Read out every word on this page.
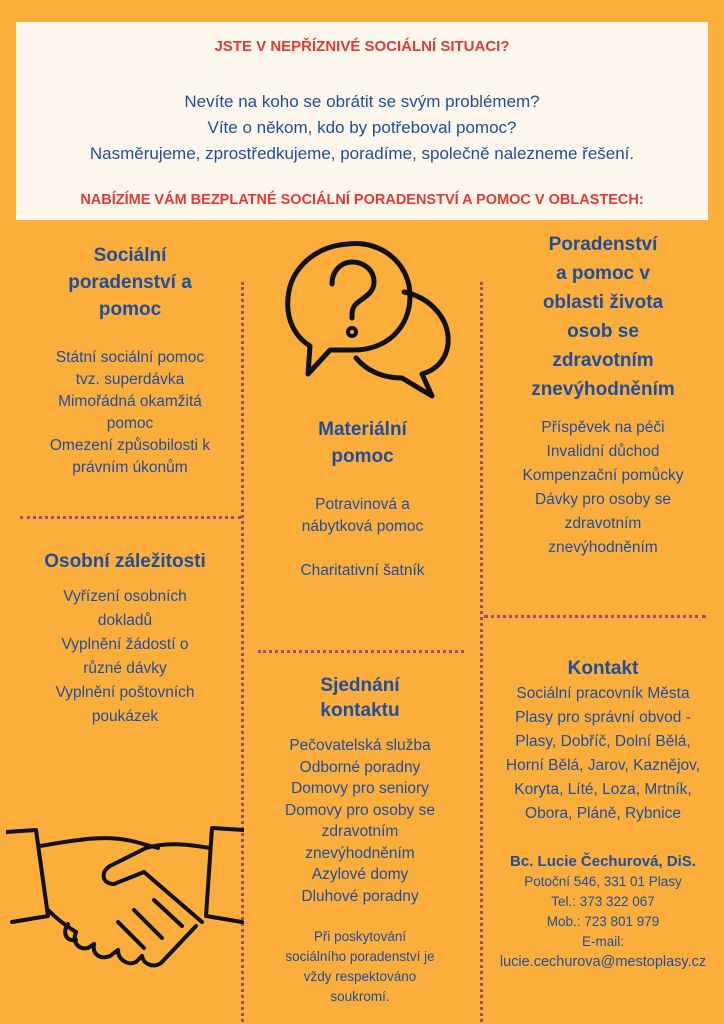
JSTE V NEPŘÍZNIVÉ SOCIÁLNÍ SITUACI?
Nevíte na koho se obrátit se svým problémem?
Víte o někom, kdo by potřeboval pomoc?
Nasměrujeme, zprostředkujeme, poradíme, společně nalezneme řešení.
NABÍZÍME VÁM BEZPLATNÉ SOCIÁLNÍ PORADENSTVÍ A POMOC V OBLASTECH:
Sociální
poradenství a
pomoc
Státní sociální pomoc
tvz. superdávka
Mimořádná okamžitá
pomoc
Omezení způsobilosti k
právním úkonům
Materiální
pomoc
Potravinová a
nábytková pomoc
Charitativní šatník
Poradenství
a pomoc v
oblasti života
osob se
zdravotním
znevýhodněním
Příspěvek na péči
Invalidní důchod
Kompenzační pomůcky
Dávky pro osoby se
zdravotním
znevýhodněním
Osobní záležitosti
Vyřízení osobních
dokladů
Vyplnění žádostí o
různé dávky
Vyplnění poštovních
poukázek
Sjednání
kontaktu
Pečovatelská služba
Odborné poradny
Domovy pro seniory
Domovy pro osoby se
zdravotním
znevýhodněním
Azylové domy
Dluhové poradny
Při poskytování
sociálního poradenství je
vždy respektováno
soukromí.
Kontakt
Sociální pracovník Města
Plasy pro správní obvod -
Plasy, Dobříč, Dolní Bělá,
Horní Bělá, Jarov, Kaznějov,
Koryta, Líté, Loza, Mrtník,
Obora, Pláně, Rybnice
Bc. Lucie Čechurová, DiS.
Potoční 546, 331 01 Plasy
Tel.: 373 322 067
Mob.: 723 801 979
E-mail:
lucie.cechurova@mestoplasy.cz
